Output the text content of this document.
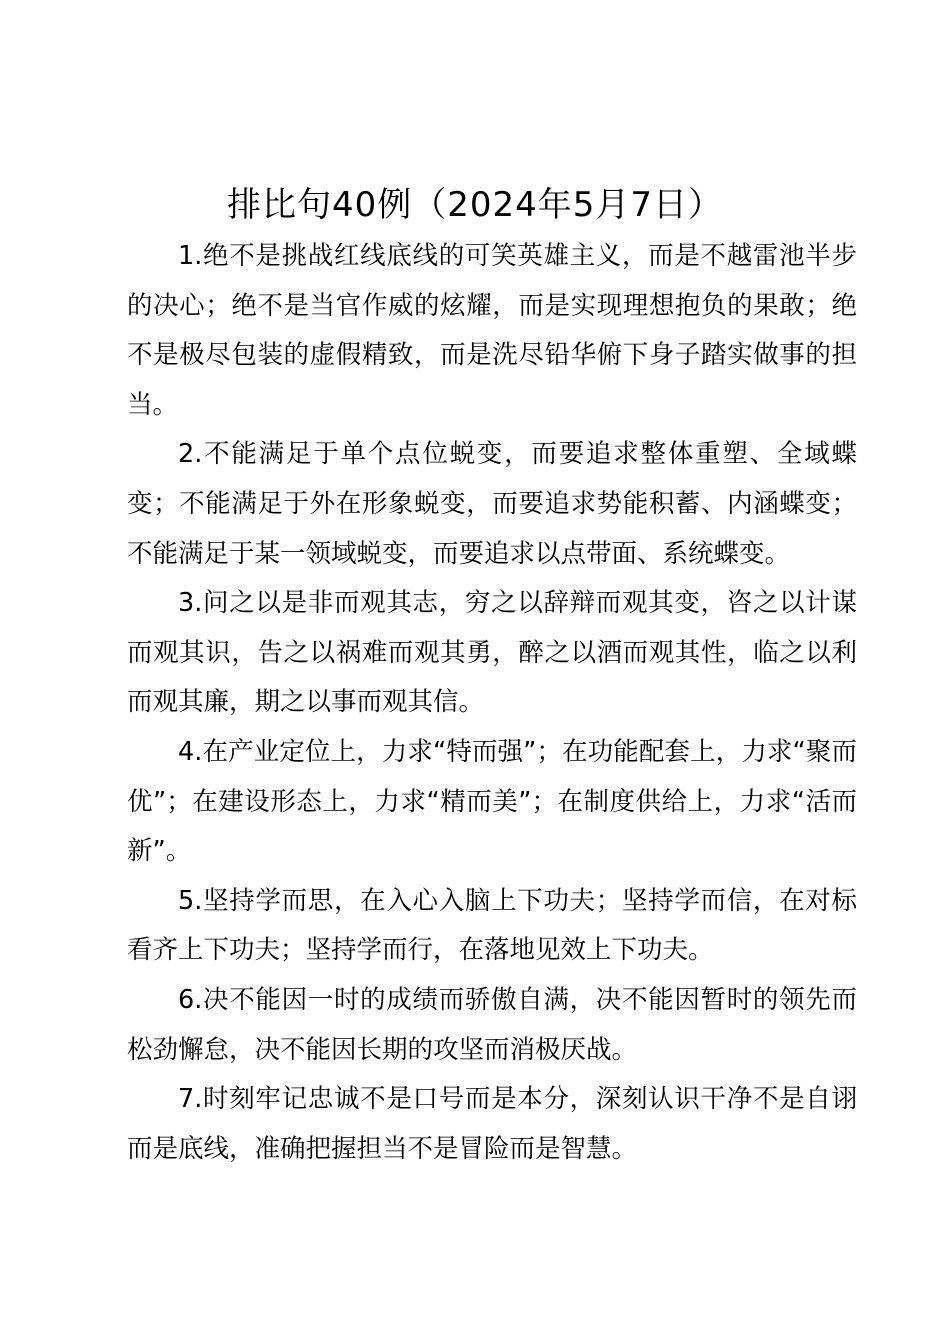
排比句40例（2024年5月7日）

1.绝不是挑战红线底线的可笑英雄主义，而是不越雷池半步的决心；绝不是当官作威的炫耀，而是实现理想抱负的果敢；绝不是极尽包装的虚假精致，而是洗尽铅华俯下身子踏实做事的担当。

2.不能满足于单个点位蜕变，而要追求整体重塑、全域蝶变；不能满足于外在形象蜕变，而要追求势能积蓄、内涵蝶变；不能满足于某一领域蜕变，而要追求以点带面、系统蝶变。

3.问之以是非而观其志，穷之以辞辩而观其变，咨之以计谋而观其识，告之以祸难而观其勇，醉之以酒而观其性，临之以利而观其廉，期之以事而观其信。

4.在产业定位上，力求“特而强”；在功能配套上，力求“聚而优”；在建设形态上，力求“精而美”；在制度供给上，力求“活而新”。

5.坚持学而思，在入心入脑上下功夫；坚持学而信，在对标看齐上下功夫；坚持学而行，在落地见效上下功夫。

6.决不能因一时的成绩而骄傲自满，决不能因暂时的领先而松劲懈怠，决不能因长期的攻坚而消极厌战。

7.时刻牢记忠诚不是口号而是本分，深刻认识干净不是自诩而是底线，准确把握担当不是冒险而是智慧。
